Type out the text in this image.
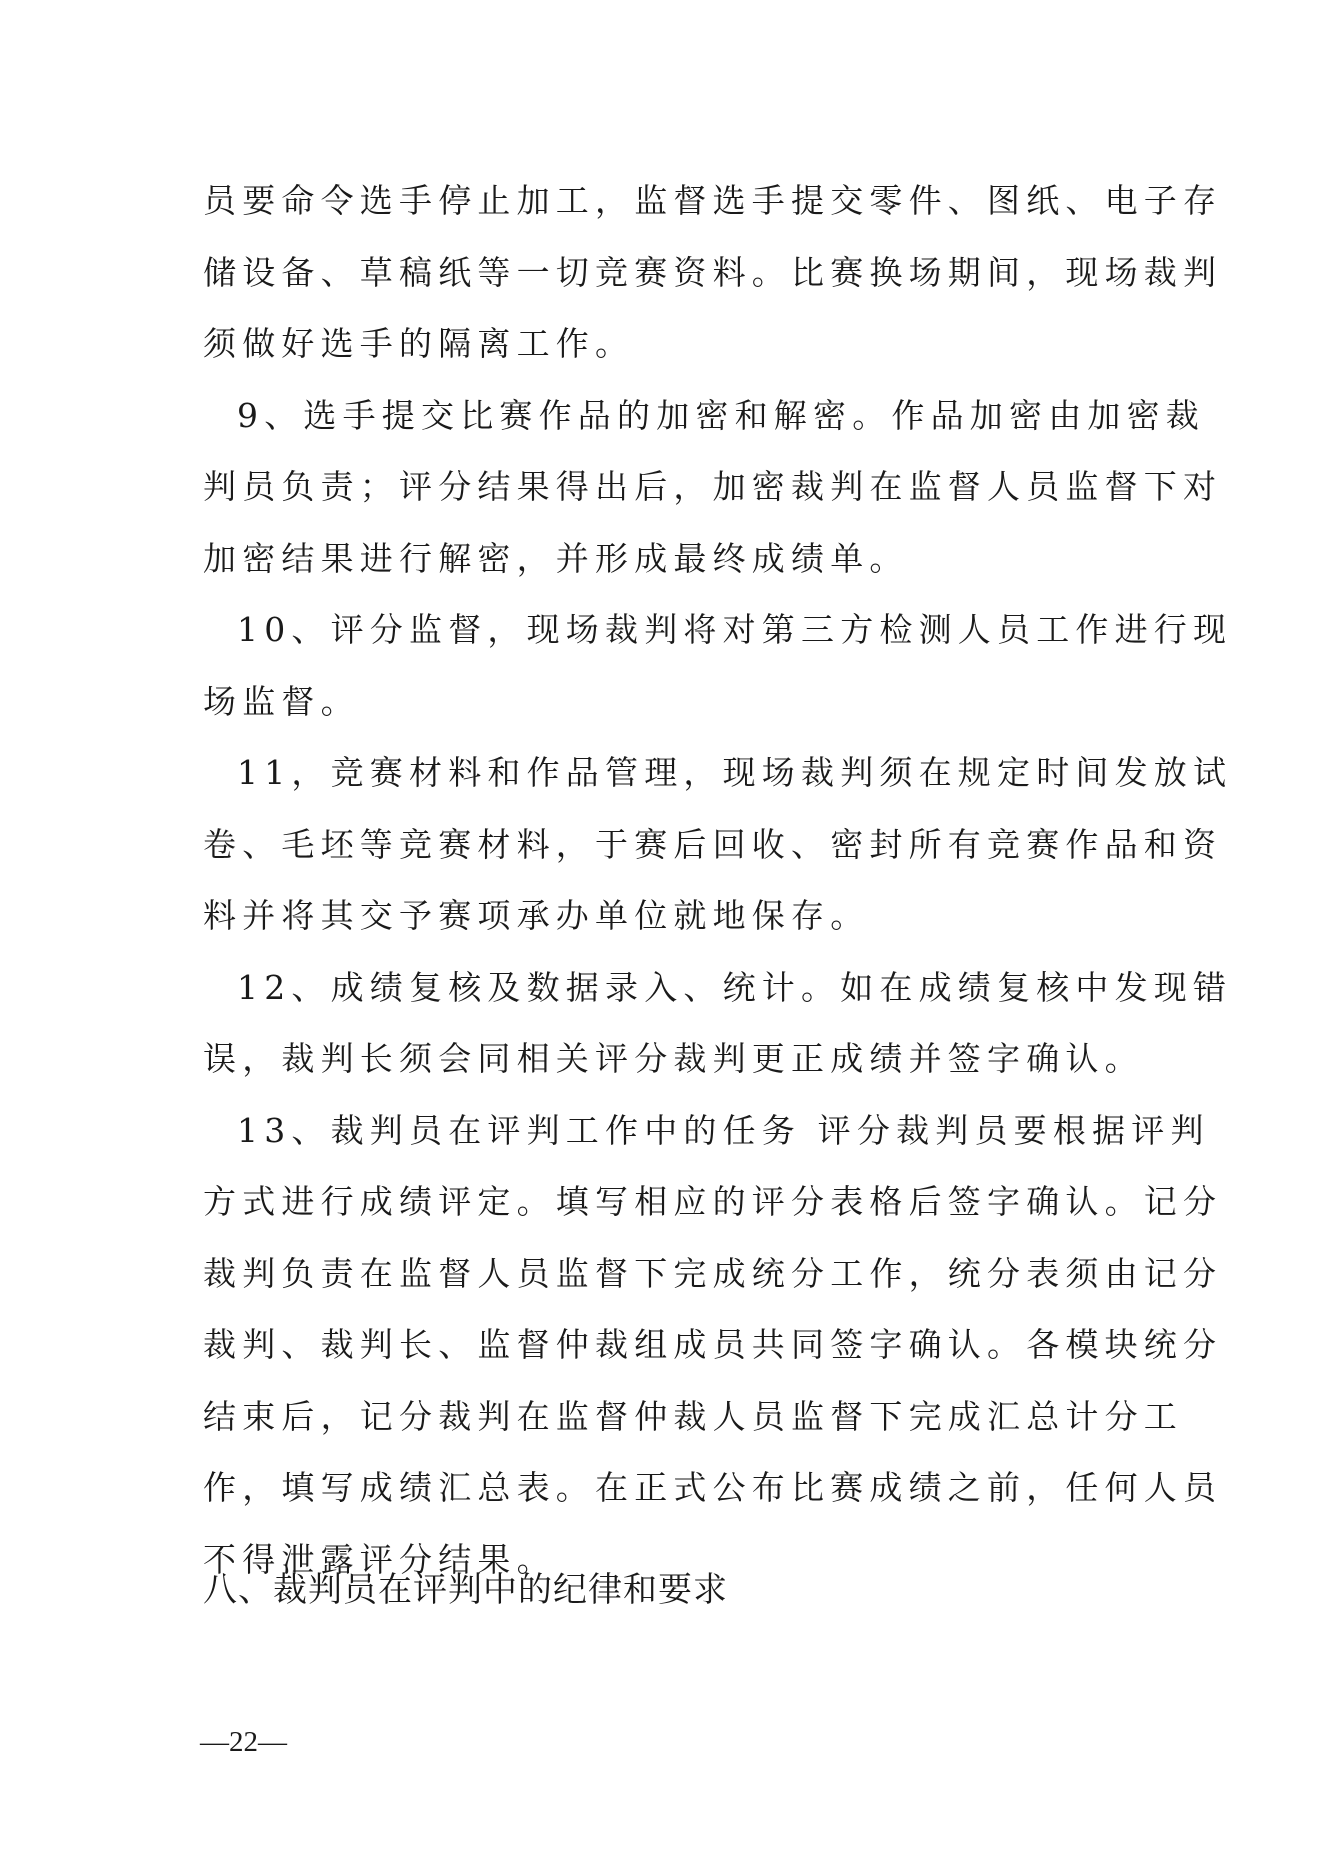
员要命令选手停止加工，监督选手提交零件、图纸、电子存
储设备、草稿纸等一切竞赛资料。比赛换场期间，现场裁判
须做好选手的隔离工作。
9、选手提交比赛作品的加密和解密。作品加密由加密裁
判员负责；评分结果得出后，加密裁判在监督人员监督下对
加密结果进行解密，并形成最终成绩单。
10、评分监督，现场裁判将对第三方检测人员工作进行现
场监督。
11，竞赛材料和作品管理，现场裁判须在规定时间发放试
卷、毛坯等竞赛材料，于赛后回收、密封所有竞赛作品和资
料并将其交予赛项承办单位就地保存。
12、成绩复核及数据录入、统计。如在成绩复核中发现错
误，裁判长须会同相关评分裁判更正成绩并签字确认。
13、裁判员在评判工作中的任务 评分裁判员要根据评判
方式进行成绩评定。填写相应的评分表格后签字确认。记分
裁判负责在监督人员监督下完成统分工作，统分表须由记分
裁判、裁判长、监督仲裁组成员共同签字确认。各模块统分
结束后，记分裁判在监督仲裁人员监督下完成汇总计分工
作，填写成绩汇总表。在正式公布比赛成绩之前，任何人员
不得泄露评分结果。
八、裁判员在评判中的纪律和要求
—22—
